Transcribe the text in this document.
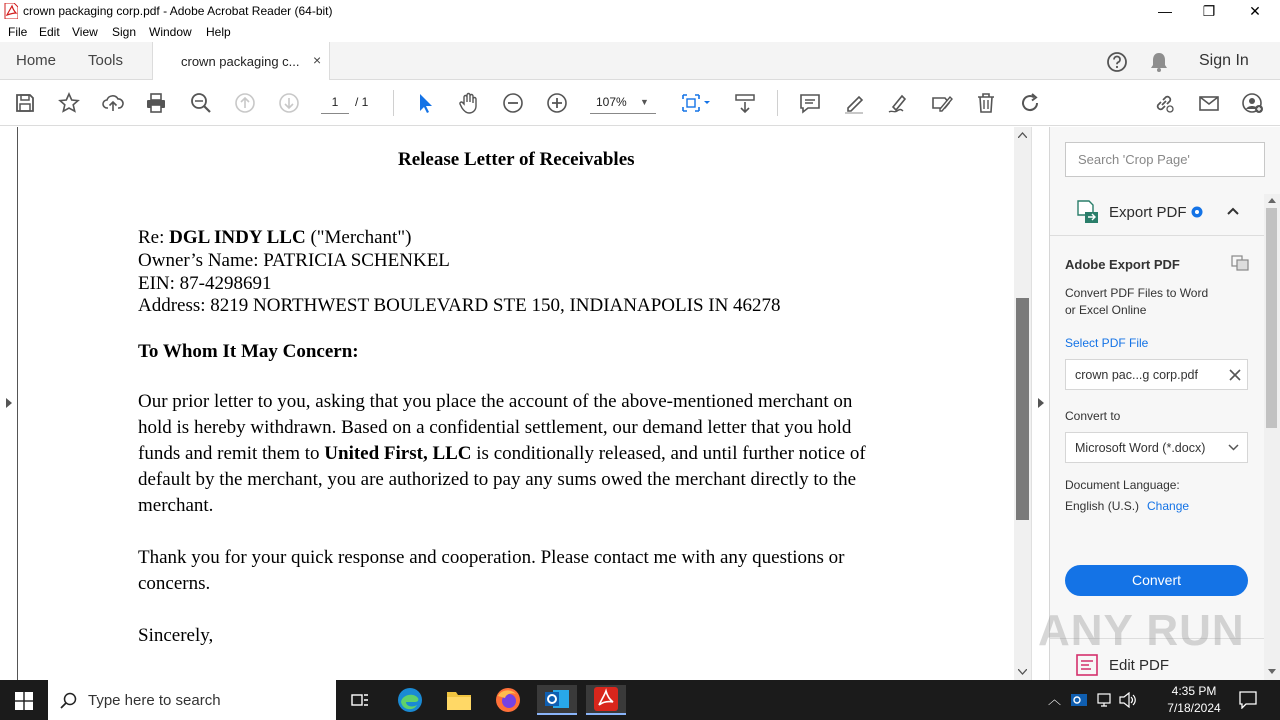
crown packaging corp.pdf - Adobe Acrobat Reader (64-bit)	—	❐	✕
File Edit View Sign Window Help
Home Tools	crown packaging c... ×	Sign In
1	/ 1	107% ▼
Release Letter of Receivables
Re: DGL INDY LLC ("Merchant")
Owner’s Name: PATRICIA SCHENKEL
EIN: 87-4298691
Address: 8219 NORTHWEST BOULEVARD STE 150, INDIANAPOLIS IN 46278
To Whom It May Concern:
Our prior letter to you, asking that you place the account of the above-mentioned merchant on
hold is hereby withdrawn. Based on a confidential settlement, our demand letter that you hold
funds and remit them to United First, LLC is conditionally released, and until further notice of
default by the merchant, you are authorized to pay any sums owed the merchant directly to the
merchant.
Thank you for your quick response and cooperation. Please contact me with any questions or
concerns.
Sincerely,
Search 'Crop Page'
Export PDF
Adobe Export PDF
Convert PDF Files to Word
or Excel Online
Select PDF File
crown pac...g corp.pdf
Convert to
Microsoft Word (*.docx)
Document Language:
English (U.S.) Change
Convert
Edit PDF
ANY RUN
Type here to search	︿
4:35 PM
7/18/2024
